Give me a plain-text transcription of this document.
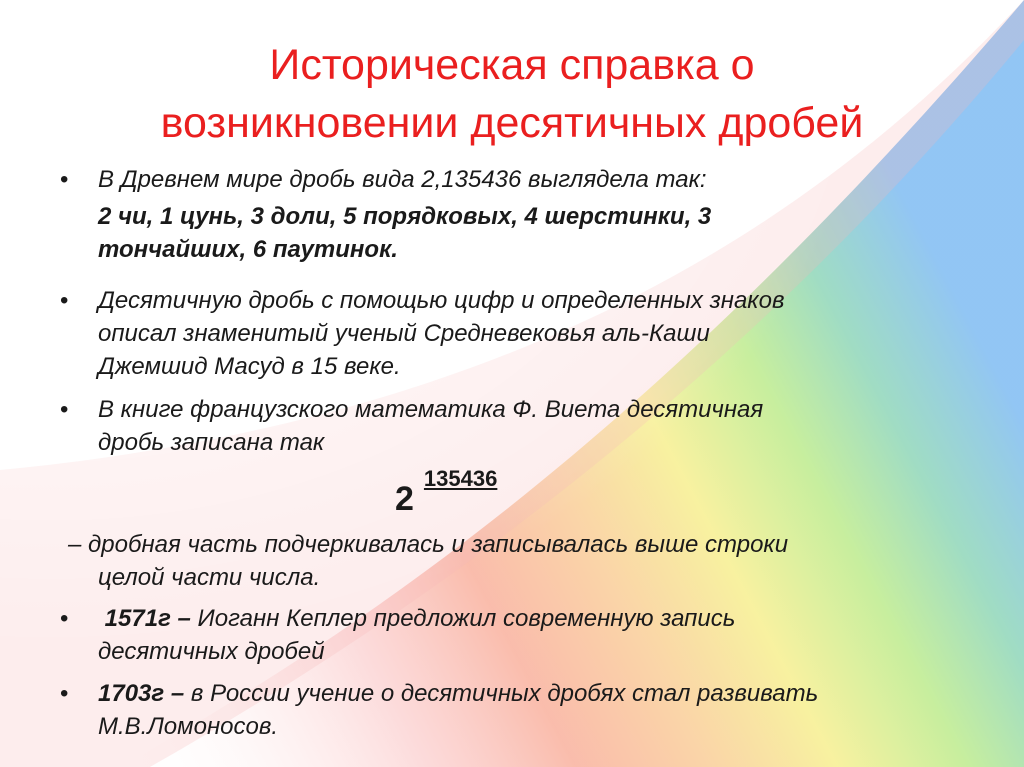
Историческая справка о
возникновении десятичных дробей
• В Древнем мире дробь вида 2,135436 выглядела так:
2 чи, 1 цунь, 3 доли, 5 порядковых, 4 шерстинки, 3
тончайших, 6 паутинок.
• Десятичную дробь с помощью цифр и определенных знаков
описал знаменитый ученый Средневековья аль-Каши
Джемшид Масуд в 15 веке.
• В книге французского математика Ф. Виета десятичная
дробь записана так
2135436
– дробная часть подчеркивалась и записывалась выше строки
целой части числа.
• 1571г – Иоганн Кеплер предложил современную запись
десятичных дробей
• 1703г – в России учение о десятичных дробях стал развивать
М.В.Ломоносов.
